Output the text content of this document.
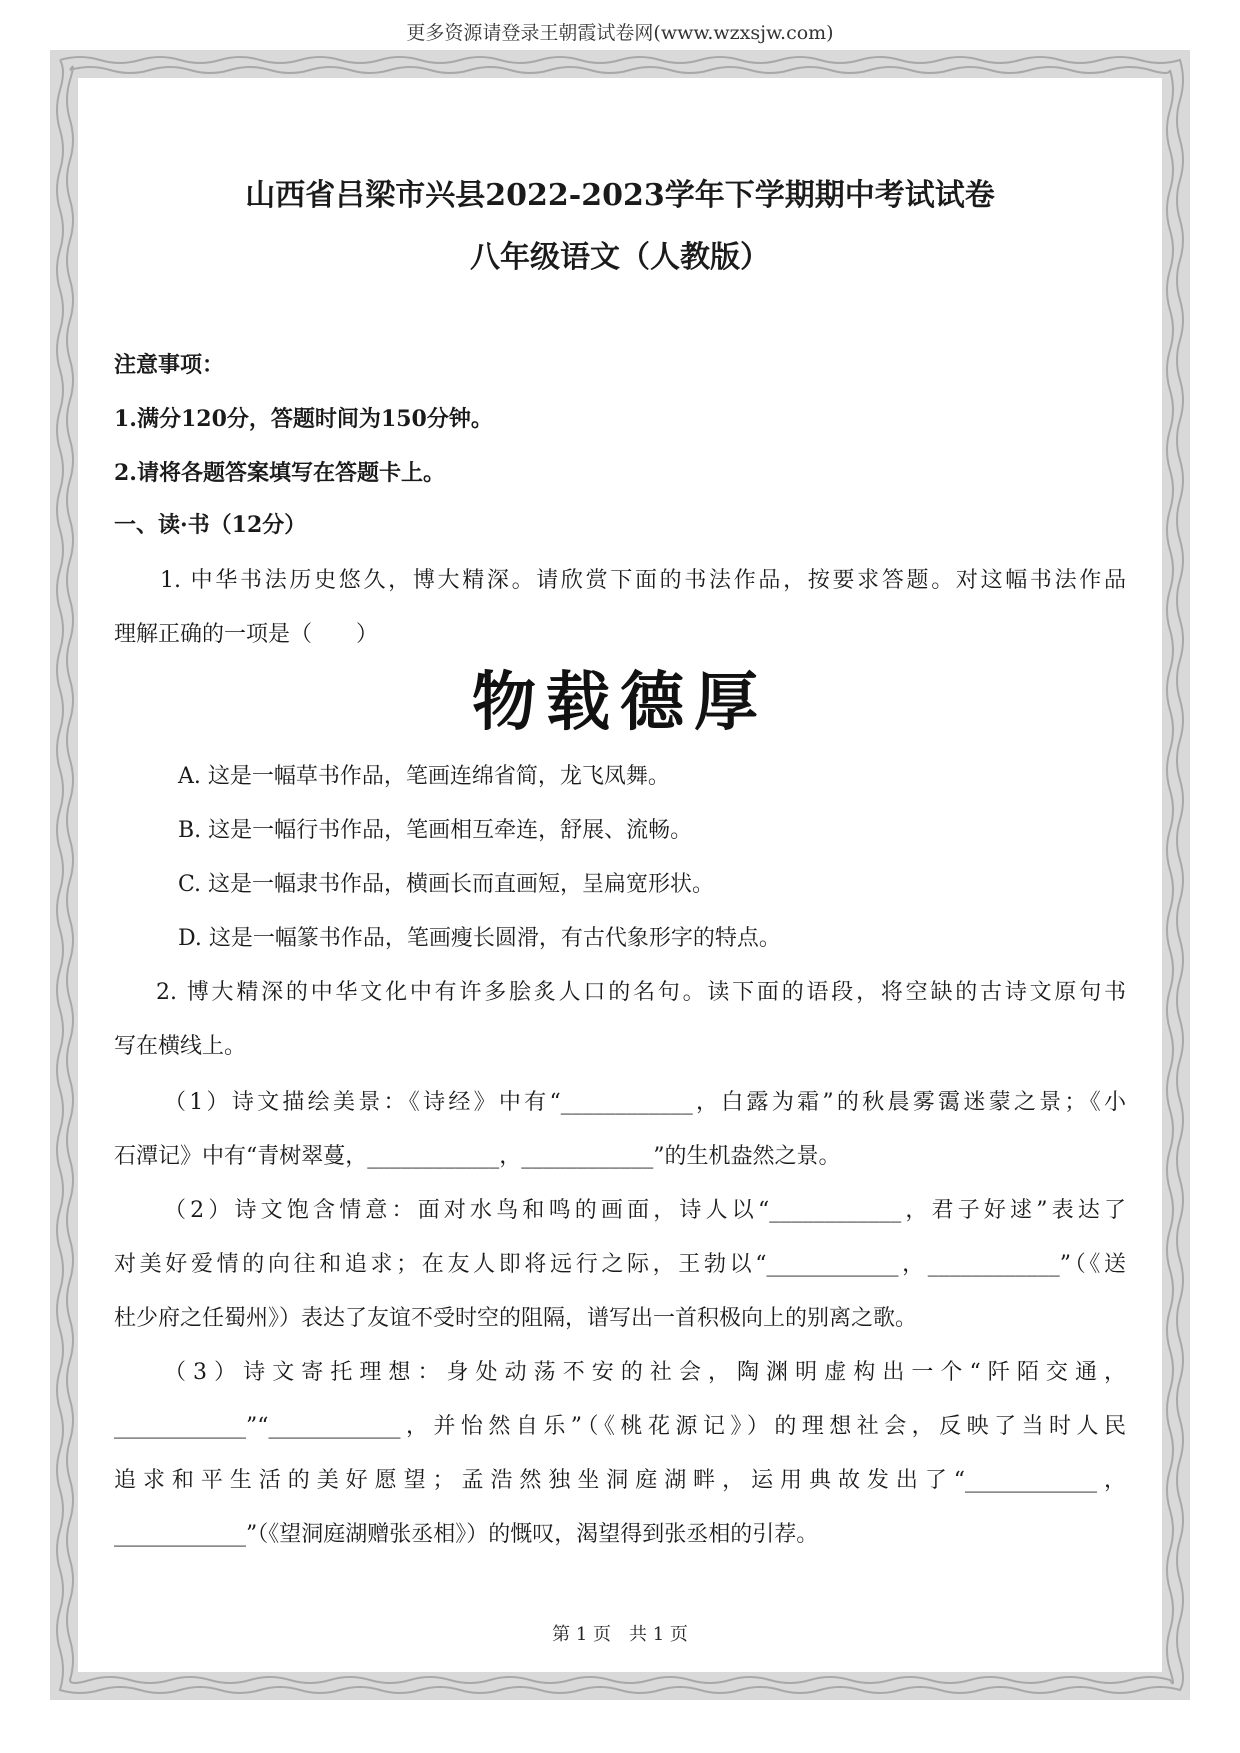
更多资源请登录王朝霞试卷网(www.wzxsjw.com)
山西省吕梁市兴县2022-2023学年下学期期中考试试卷
八年级语文（人教版）
注意事项：
1.满分120分，答题时间为150分钟。
2.请将各题答案填写在答题卡上。
一、读·书（12分）
1. 中华书法历史悠久，博大精深。请欣赏下面的书法作品，按要求答题。对这幅书法作品
理解正确的一项是（　　）
物载德厚
A. 这是一幅草书作品，笔画连绵省简，龙飞凤舞。
B. 这是一幅行书作品，笔画相互牵连，舒展、流畅。
C. 这是一幅隶书作品，横画长而直画短，呈扁宽形状。
D. 这是一幅篆书作品，笔画瘦长圆滑，有古代象形字的特点。
2. 博大精深的中华文化中有许多脍炙人口的名句。读下面的语段，将空缺的古诗文原句书
写在横线上。
（1）诗文描绘美景：《诗经》中有“____________，白露为霜”的秋晨雾霭迷蒙之景；《小
石潭记》中有“青树翠蔓，____________，____________”的生机盎然之景。
（2）诗文饱含情意：面对水鸟和鸣的画面，诗人以“____________，君子好逑”表达了
对美好爱情的向往和追求；在友人即将远行之际，王勃以“____________，____________”（《送
杜少府之任蜀州》）表达了友谊不受时空的阻隔，谱写出一首积极向上的别离之歌。
（3）诗文寄托理想：身处动荡不安的社会，陶渊明虚构出一个“阡陌交通，
____________”“____________，并怡然自乐”（《桃花源记》）的理想社会，反映了当时人民
追求和平生活的美好愿望；孟浩然独坐洞庭湖畔，运用典故发出了“____________，
____________”（《望洞庭湖赠张丞相》）的慨叹，渴望得到张丞相的引荐。
第 1 页　共 1 页
